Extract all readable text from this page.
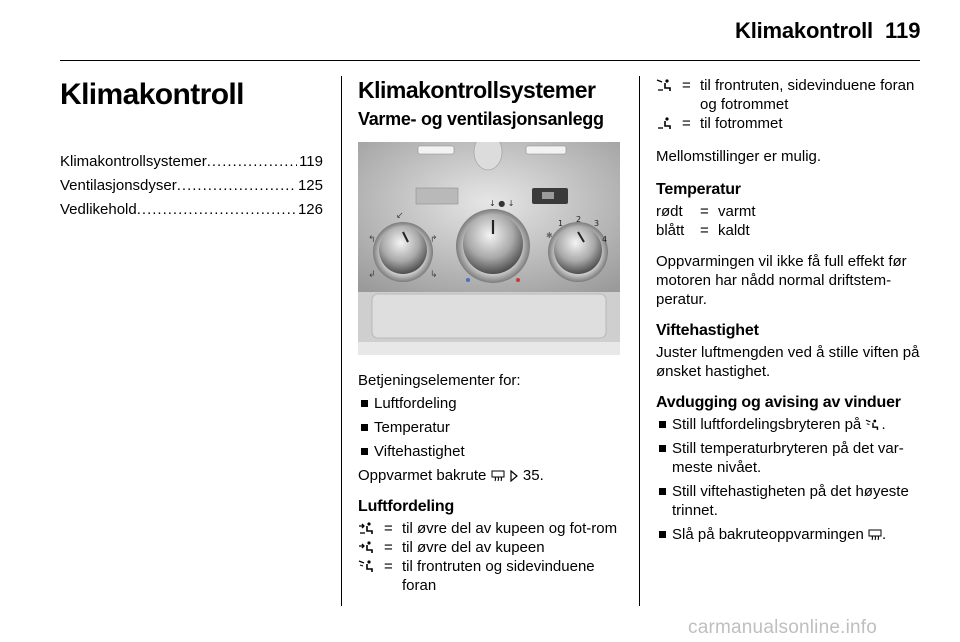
Klimakontroll 119
Klimakontroll
Klimakontrollsystemer .....	119
Ventilasjonsdyser .....	125
Vedlikehold .....	126
Klimakontrollsystemer
Varme- og ventilasjonsanlegg
↓ ● ↓
1 2 3
4
↰
↙
↱
↲	↳
✱
Betjeningselementer for:
Luftfordeling
Temperatur
Viftehastighet
Oppvarmet bakrute 35.
Luftfordeling
= til øvre del av kupeen og fot-rom
= til øvre del av kupeen
= til frontruten og sidevinduene foran
= til frontruten, sidevinduene foran og fotrommet
= til fotrommet
Mellomstillinger er mulig.
Temperatur
rødt	= varmt
blått	= kaldt
Oppvarmingen vil ikke få full effekt før motoren har nådd normal driftstem-peratur.
Viftehastighet
Juster luftmengden ved å stille viften på ønsket hastighet.
Avdugging og avising av vinduer
Still luftfordelingsbryteren på .
Still temperaturbryteren på det var-meste nivået.
Still viftehastigheten på det høyeste trinnet.
Slå på bakruteoppvarmingen .
carmanualsonline.info
